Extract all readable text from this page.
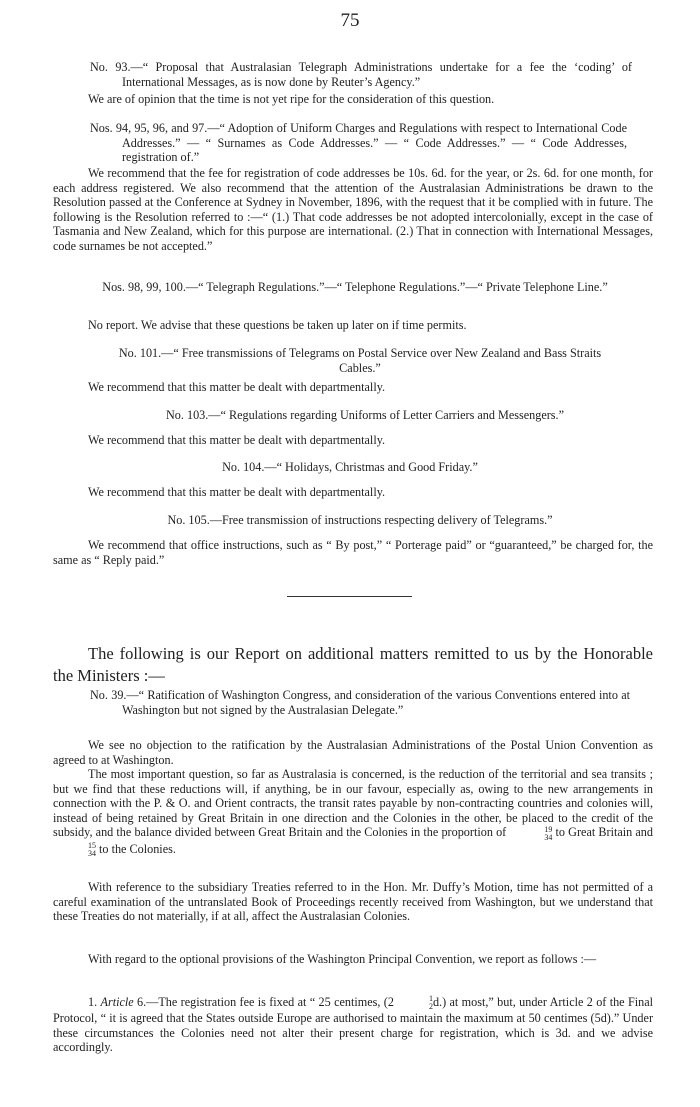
75

No. 93.—“ Proposal that Australasian Telegraph Administrations undertake for a fee the ‘coding’ of International Messages, as is now done by Reuter’s Agency.”

We are of opinion that the time is not yet ripe for the consideration of this question.

Nos. 94, 95, 96, and 97.—“ Adoption of Uniform Charges and Regulations with respect to International Code Addresses.” — “ Surnames as Code Addresses.” — “ Code Addresses.” — “ Code Addresses, registration of.”

We recommend that the fee for registration of code addresses be 10s. 6d. for the year, or 2s. 6d. for one month, for each address registered. We also recommend that the attention of the Australasian Administrations be drawn to the Resolution passed at the Conference at Sydney in November, 1896, with the request that it be complied with in future. The following is the Resolution referred to :—“ (1.) That code addresses be not adopted intercolonially, except in the case of Tasmania and New Zealand, which for this purpose are international. (2.) That in connection with International Messages, code surnames be not accepted.”

Nos. 98, 99, 100.—“ Telegraph Regulations.”—“ Telephone Regulations.”—“ Private Telephone Line.”

No report. We advise that these questions be taken up later on if time permits.

No. 101.—“ Free transmissions of Telegrams on Postal Service over New Zealand and Bass Straits Cables.”

We recommend that this matter be dealt with departmentally.

No. 103.—“ Regulations regarding Uniforms of Letter Carriers and Messengers.”

We recommend that this matter be dealt with departmentally.

No. 104.—“ Holidays, Christmas and Good Friday.”

We recommend that this matter be dealt with departmentally.

No. 105.—Free transmission of instructions respecting delivery of Telegrams.”

We recommend that office instructions, such as “ By post,” “ Porterage paid” or “guaranteed,” be charged for, the same as “ Reply paid.”

The following is our Report on additional matters remitted to us by the Honorable the Ministers :—

No. 39.—“ Ratification of Washington Congress, and consideration of the various Conventions entered into at Washington but not signed by the Australasian Delegate.”

We see no objection to the ratification by the Australasian Administrations of the Postal Union Convention as agreed to at Washington.

The most important question, so far as Australasia is concerned, is the reduction of the territorial and sea transits ; but we find that these reductions will, if anything, be in our favour, especially as, owing to the new arrangements in connection with the P. & O. and Orient contracts, the transit rates payable by non-contracting countries and colonies will, instead of being retained by Great Britain in one direction and the Colonies in the other, be placed to the credit of the subsidy, and the balance divided between Great Britain and the Colonies in the proportion of	19
34 to Great Britain and
15
34 to the Colonies.

With reference to the subsidiary Treaties referred to in the Hon. Mr. Duffy’s Motion, time has not permitted of a careful examination of the untranslated Book of Proceedings recently received from Washington, but we understand that these Treaties do not materially, if at all, affect the Australasian Colonies.

With regard to the optional provisions of the Washington Principal Convention, we report as follows :—

1. Article 6.—The registration fee is fixed at “ 25 centimes, (2	1
2 d.) at most,” but, under Article 2 of the Final Protocol, “ it is agreed that the States outside Europe are authorised to maintain the maximum at 50 centimes (5d).” Under these circumstances the Colonies need not alter their present charge for registration, which is 3d. and we advise accordingly.
